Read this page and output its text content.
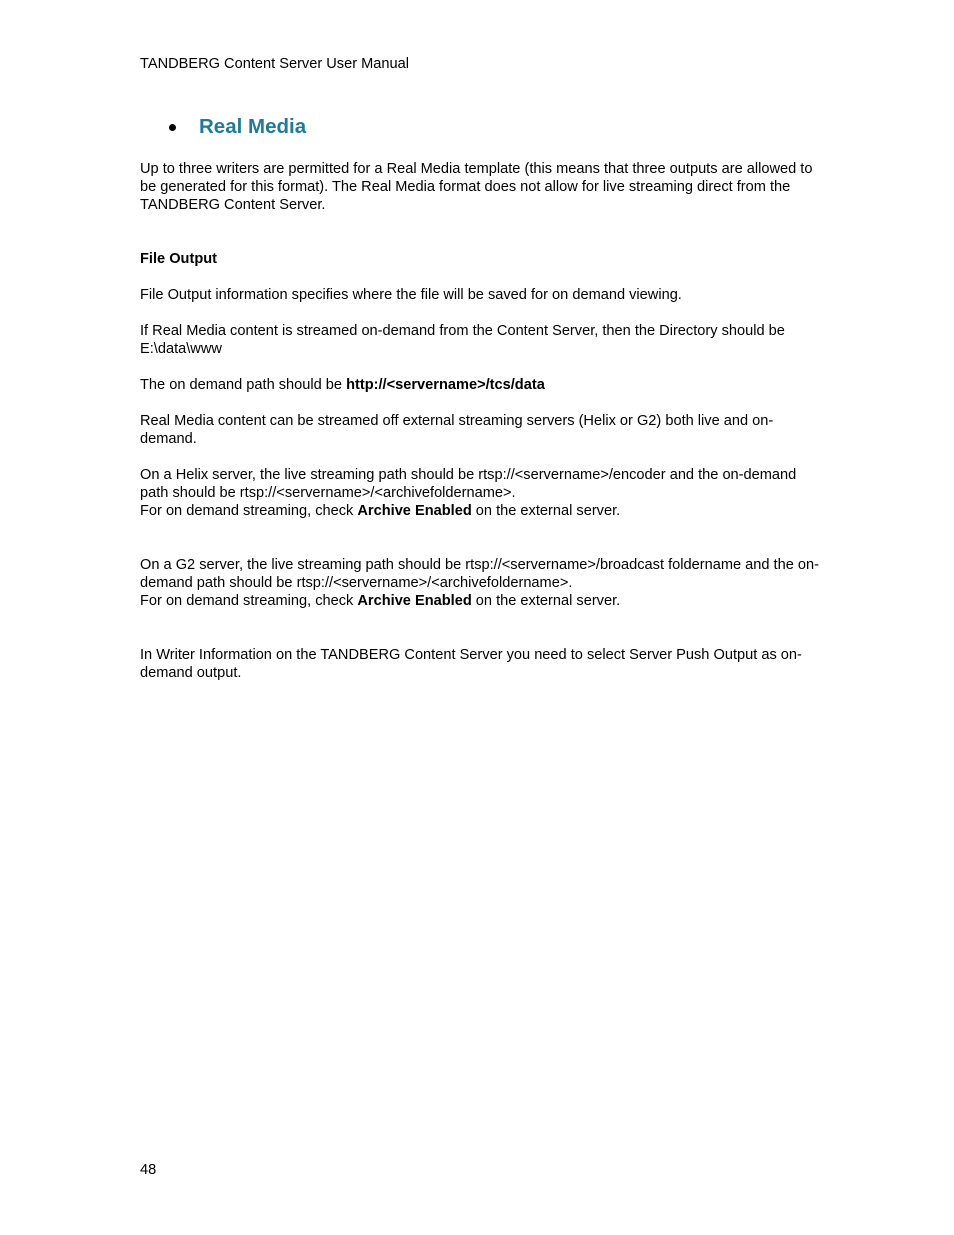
TANDBERG Content Server User Manual
Real Media

Up to three writers are permitted for a Real Media template (this means that three outputs are allowed to be generated for this format). The Real Media format does not allow for live streaming direct from the TANDBERG Content Server.

File Output

File Output information specifies where the file will be saved for on demand viewing.

If Real Media content is streamed on-demand from the Content Server, then the Directory should be E:\data\www

The on demand path should be http://<servername>/tcs/data

Real Media content can be streamed off external streaming servers (Helix or G2) both live and on-demand.

On a Helix server, the live streaming path should be rtsp://<servername>/encoder and the on-demand path should be rtsp://<servername>/<archivefoldername>.

For on demand streaming, check Archive Enabled on the external server.

On a G2 server, the live streaming path should be rtsp://<servername>/broadcast foldername and the on-demand path should be rtsp://<servername>/<archivefoldername>.

For on demand streaming, check Archive Enabled on the external server.

In Writer Information on the TANDBERG Content Server you need to select Server Push Output as on-demand output.

48
